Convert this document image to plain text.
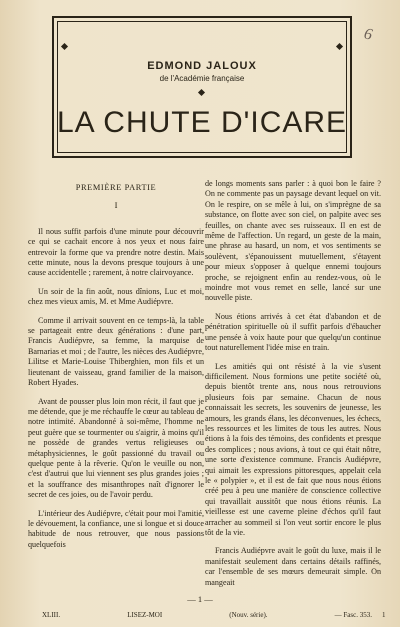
EDMOND JALOUX
de l'Académie française
LA CHUTE D'ICARE
6
PREMIÈRE PARTIE
I

Il nous suffit parfois d'une minute pour découvrir ce qui se cachait encore à nos yeux et nous faire entrevoir la forme que va prendre notre destin. Mais cette minute, nous la devons presque toujours à une cause accidentelle ; rarement, à notre clairvoyance.

Un soir de la fin août, nous dînions, Luc et moi, chez mes vieux amis, M. et Mme Audiépvre.

Comme il arrivait souvent en ce temps-là, la table se partageait entre deux générations : d'une part, Francis Audiépvre, sa femme, la marquise de Barnarias et moi ; de l'autre, les nièces des Audiépvre, Lilitse et Marie-Louise Thiberghien, mon fils et un lieutenant de vaisseau, grand familier de la maison, Robert Hyades.

Avant de pousser plus loin mon récit, il faut que je me détende, que je me réchauffe le cœur au tableau de notre intimité. Abandonné à soi-même, l'homme ne peut guère que se tourmenter ou s'aigrir, à moins qu'il ne possède de grandes vertus religieuses ou métaphysiciennes, le goût passionné du travail ou quelque pente à la rêverie. Qu'on le veuille ou non, c'est d'autrui que lui viennent ses plus grandes joies ; et la souffrance des misanthropes naît d'ignorer le secret de ces joies, ou de l'avoir perdu.

L'intérieur des Audiépvre, c'était pour moi l'amitié, le dévouement, la confiance, une si longue et si douce habitude de nous retrouver, que nous passions quelquefois

de longs moments sans parler : à quoi bon le faire ? On ne commente pas un paysage devant lequel on vit. On le respire, on se mêle à lui, on s'imprègne de sa substance, on flotte avec son ciel, on palpite avec ses feuilles, on chante avec ses ruisseaux. Il en est de même de l'affection. Un regard, un geste de la main, une phrase au hasard, un nom, et vos sentiments se soulèvent, s'épanouissent mutuellement, s'étayent pour mieux s'opposer à quelque ennemi toujours proche, se rejoignent enfin au rendez-vous, où le moindre mot vous remet en selle, lancé sur une nouvelle piste.

Nous étions arrivés à cet état d'abandon et de pénétration spirituelle où il suffit parfois d'ébaucher une pensée à voix haute pour que quelqu'un continue tout naturellement l'idée mise en train.

Les amitiés qui ont résisté à la vie s'usent difficilement. Nous formions une petite société où, depuis bientôt trente ans, nous nous retrouvions plusieurs fois par semaine. Chacun de nous connaissait les secrets, les souvenirs de jeunesse, les amours, les grands élans, les déconvenues, les échecs, les ressources et les limites de tous les autres. Nous étions à la fois des témoins, des confidents et presque des complices ; nous avions, à tout ce qui était nôtre, une sorte d'existence commune. Francis Audiépvre, qui aimait les expressions pittoresques, appelait cela le « polypier », et il est de fait que nous nous étions créé peu à peu une manière de conscience collective qui travaillait aussitôt que nous étions réunis. La vieillesse est une caverne pleine d'échos qu'il faut arracher au sommeil si l'on veut sortir encore le plus tôt de la vie.

Francis Audiépvre avait le goût du luxe, mais il le manifestait seulement dans certains détails raffinés, car l'ensemble de ses mœurs demeurait simple. On mangeait

— 1 —
XLIII.	LISEZ-MOI	(Nouv. série).	— Fasc. 353. 1
